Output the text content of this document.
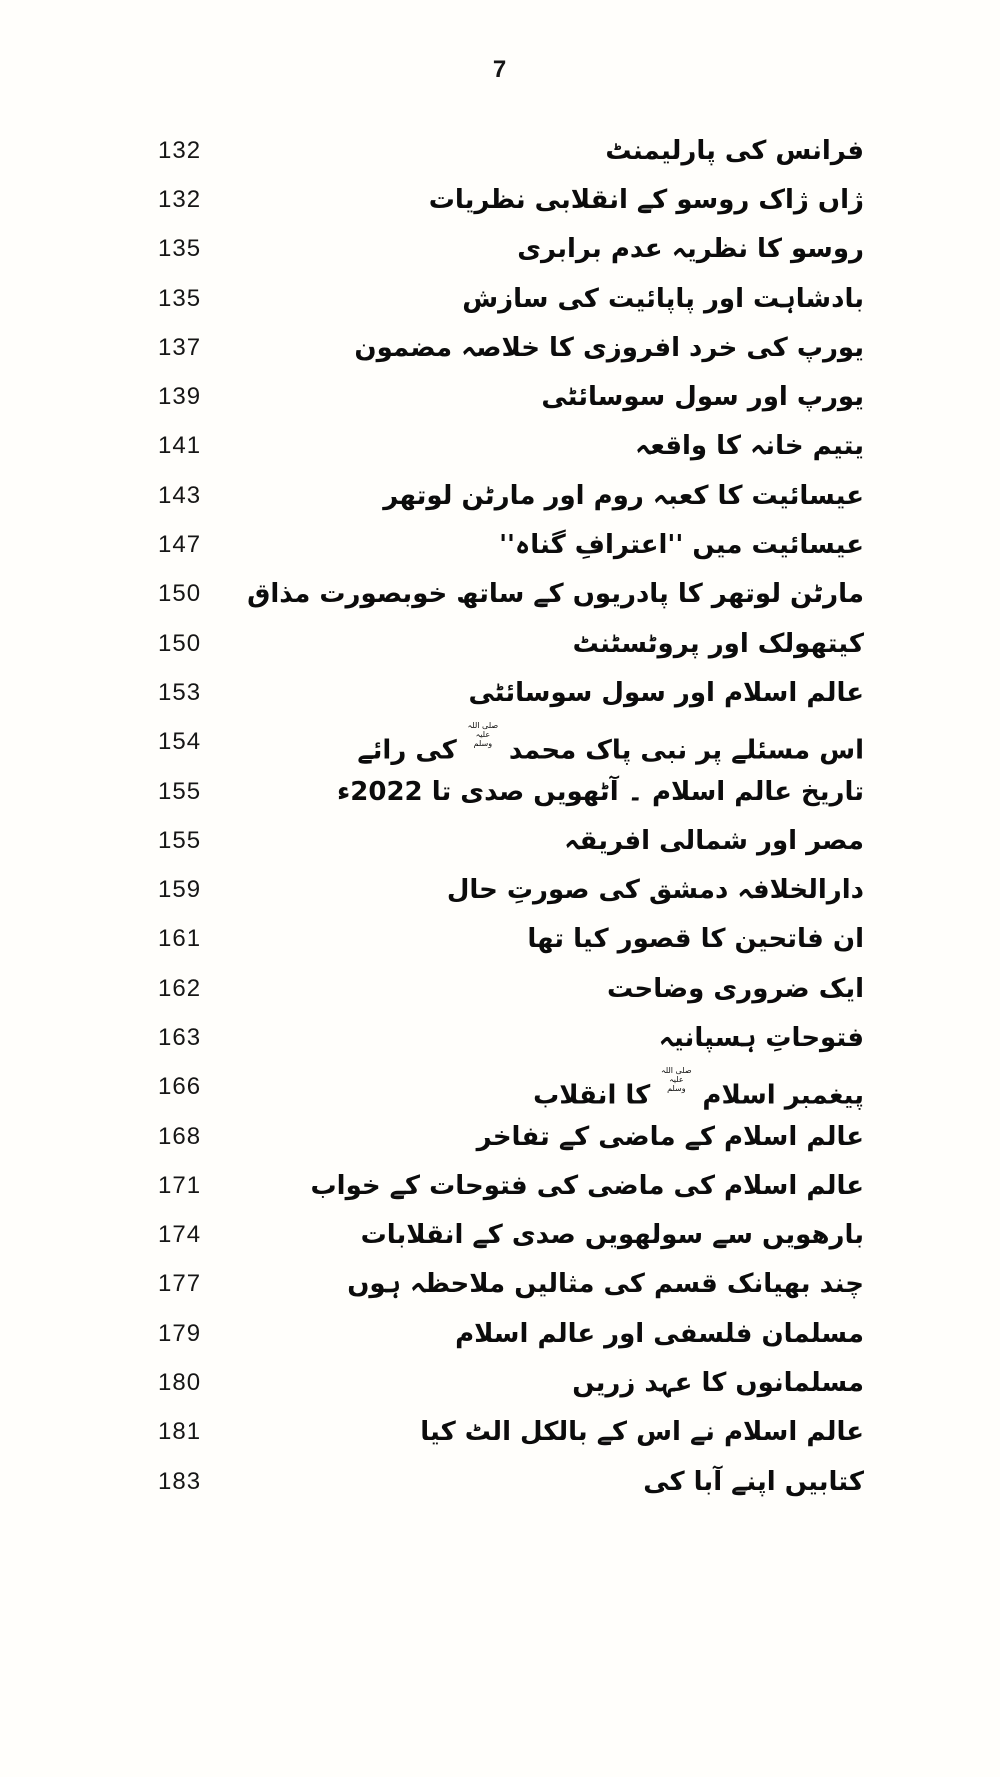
7
132	فرانس کی پارلیمنٹ
132	ژاں ژاک روسو کے انقلابی نظریات
135	روسو کا نظریہ عدم برابری
135	بادشاہت اور پاپائیت کی سازش
137	یورپ کی خرد افروزی کا خلاصہ مضمون
139	یورپ اور سول سوسائٹی
141	یتیم خانہ کا واقعہ
143	عیسائیت کا کعبہ روم اور مارٹن لوتھر
147	عیسائیت میں ''اعترافِ گناہ''
150 مارٹن لوتھر کا پادریوں کے ساتھ خوبصورت مذاق
150	کیتھولک اور پروٹسٹنٹ
153	عالم اسلام اور سول سوسائٹی
154	اس مسئلے پر نبی پاک محمد صلی اللہ علیہ وسلم کی رائے
155	تاریخ عالم اسلام ۔ آٹھویں صدی تا 2022ء
155	مصر اور شمالی افریقہ
159	دارالخلافہ دمشق کی صورتِ حال
161	ان فاتحین کا قصور کیا تھا
162	ایک ضروری وضاحت
163	فتوحاتِ ہسپانیہ
166	پیغمبر اسلام صلی اللہ علیہ وسلم کا انقلاب
168	عالم اسلام کے ماضی کے تفاخر
171	عالم اسلام کی ماضی کی فتوحات کے خواب
174	بارھویں سے سولھویں صدی کے انقلابات
177	چند بھیانک قسم کی مثالیں ملاحظہ ہوں
179	مسلمان فلسفی اور عالم اسلام
180	مسلمانوں کا عہد زریں
181	عالم اسلام نے اس کے بالکل الٹ کیا
183	کتابیں اپنے آبا کی
